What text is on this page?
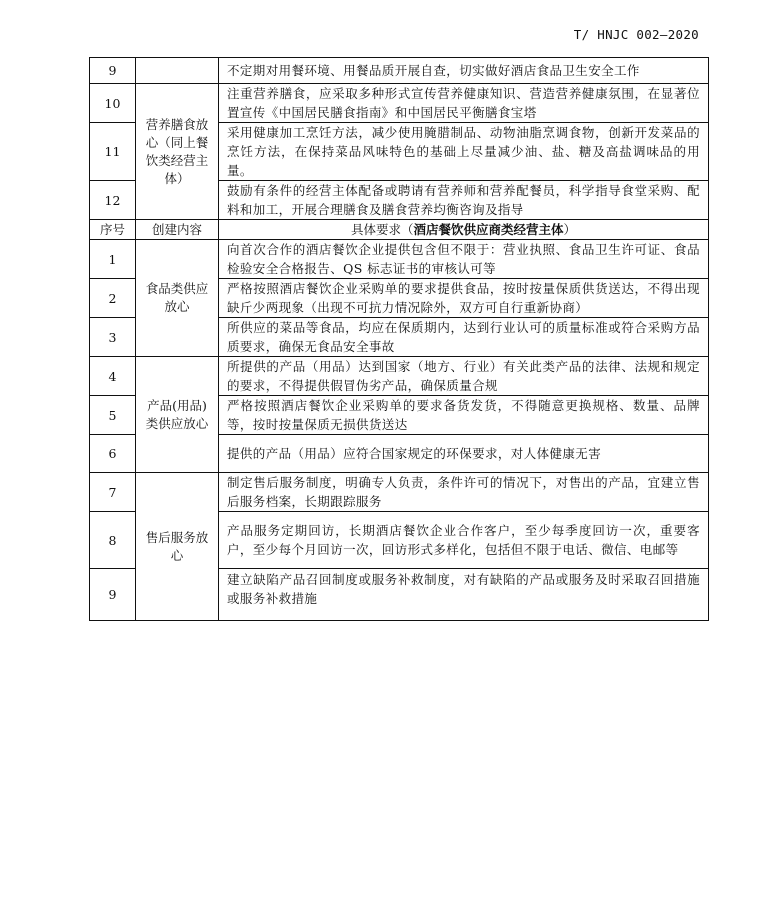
T/ HNJC 002—2020
9		不定期对用餐环境、用餐品质开展自查，切实做好酒店食品卫生安全工作
10	营养膳食放心（同上餐饮类经营主体）	注重营养膳食，应采取多种形式宣传营养健康知识、营造营养健康氛围，在显著位置宣传《中国居民膳食指南》和中国居民平衡膳食宝塔
11		采用健康加工烹饪方法，减少使用腌腊制品、动物油脂烹调食物，创新开发菜品的烹饪方法，在保持菜品风味特色的基础上尽量减少油、盐、糖及高盐调味品的用量。
12		鼓励有条件的经营主体配备或聘请有营养师和营养配餐员，科学指导食堂采购、配料和加工，开展合理膳食及膳食营养均衡咨询及指导
序号	创建内容	具体要求（酒店餐饮供应商类经营主体）
1	食品类供应放心	向首次合作的酒店餐饮企业提供包含但不限于：营业执照、食品卫生许可证、食品检验安全合格报告、QS 标志证书的审核认可等
2		严格按照酒店餐饮企业采购单的要求提供食品，按时按量保质供货送达，不得出现缺斤少两现象（出现不可抗力情况除外，双方可自行重新协商）
3		所供应的菜品等食品，均应在保质期内，达到行业认可的质量标准或符合采购方品质要求，确保无食品安全事故
4	产品(用品)类供应放心	所提供的产品（用品）达到国家（地方、行业）有关此类产品的法律、法规和规定的要求，不得提供假冒伪劣产品，确保质量合规
5		严格按照酒店餐饮企业采购单的要求备货发货，不得随意更换规格、数量、品牌等，按时按量保质无损供货送达
6		提供的产品（用品）应符合国家规定的环保要求，对人体健康无害
7	售后服务放心	制定售后服务制度，明确专人负责，条件许可的情况下，对售出的产品，宜建立售后服务档案，长期跟踪服务
8		产品服务定期回访，长期酒店餐饮企业合作客户，至少每季度回访一次，重要客户，至少每个月回访一次，回访形式多样化，包括但不限于电话、微信、电邮等
9		建立缺陷产品召回制度或服务补救制度，对有缺陷的产品或服务及时采取召回措施或服务补救措施
